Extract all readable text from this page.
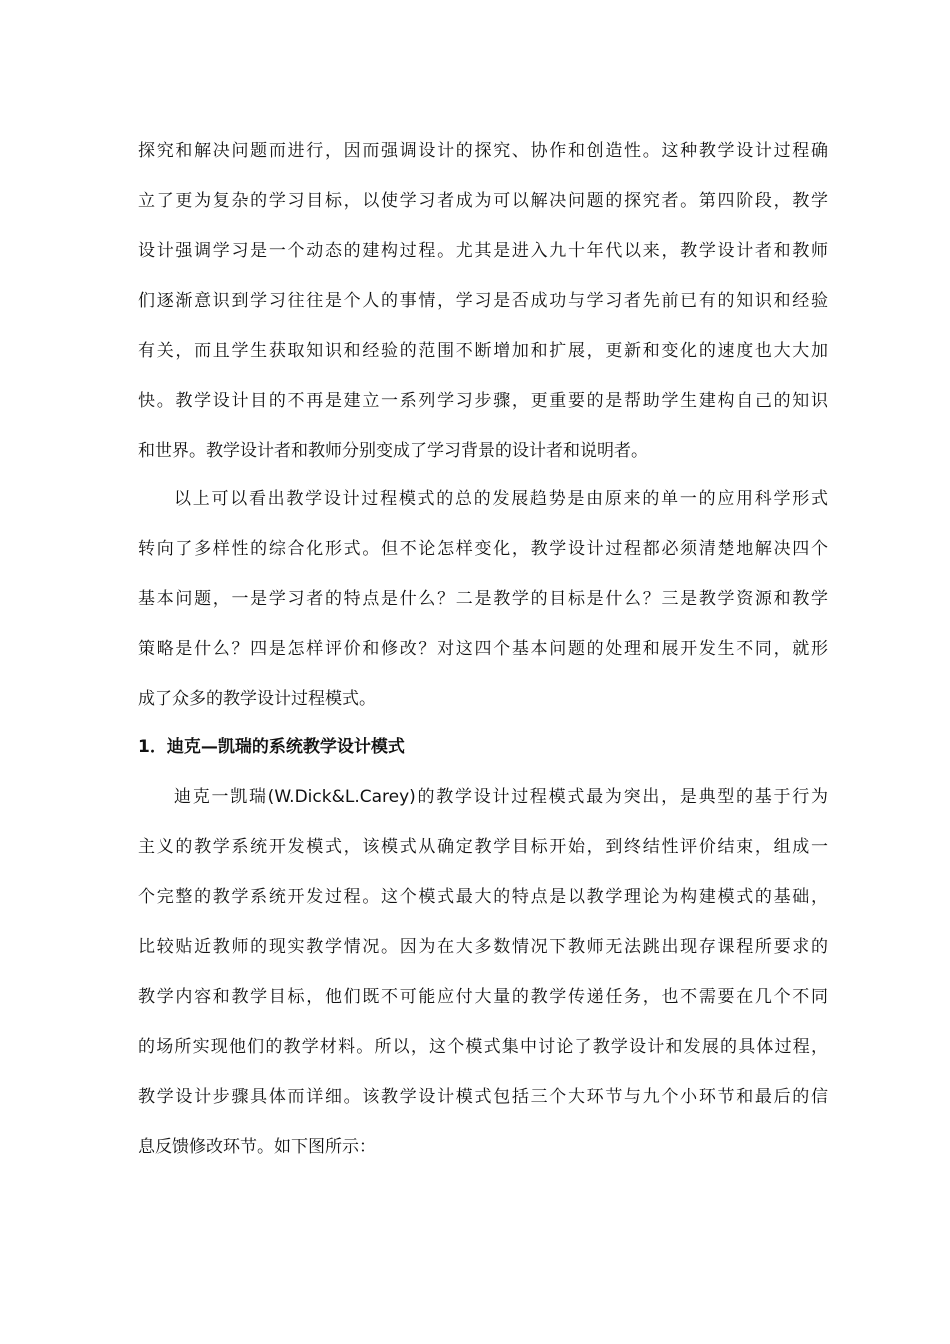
探究和解决问题而进行，因而强调设计的探究、协作和创造性。这种教学设计过程确
立了更为复杂的学习目标，以使学习者成为可以解决问题的探究者。第四阶段，教学
设计强调学习是一个动态的建构过程。尤其是进入九十年代以来，教学设计者和教师
们逐渐意识到学习往往是个人的事情，学习是否成功与学习者先前已有的知识和经验
有关，而且学生获取知识和经验的范围不断增加和扩展，更新和变化的速度也大大加
快。教学设计目的不再是建立一系列学习步骤，更重要的是帮助学生建构自己的知识
和世界。教学设计者和教师分别变成了学习背景的设计者和说明者。
以上可以看出教学设计过程模式的总的发展趋势是由原来的单一的应用科学形式
转向了多样性的综合化形式。但不论怎样变化，教学设计过程都必须清楚地解决四个
基本问题，一是学习者的特点是什么？二是教学的目标是什么？三是教学资源和教学
策略是什么？四是怎样评价和修改？对这四个基本问题的处理和展开发生不同，就形
成了众多的教学设计过程模式。
1．迪克—凯瑞的系统教学设计模式
迪克一凯瑞(W.Dick&L.Carey)的教学设计过程模式最为突出，是典型的基于行为
主义的教学系统开发模式，该模式从确定教学目标开始，到终结性评价结束，组成一
个完整的教学系统开发过程。这个模式最大的特点是以教学理论为构建模式的基础，
比较贴近教师的现实教学情况。因为在大多数情况下教师无法跳出现存课程所要求的
教学内容和教学目标，他们既不可能应付大量的教学传递任务，也不需要在几个不同
的场所实现他们的教学材料。所以，这个模式集中讨论了教学设计和发展的具体过程，
教学设计步骤具体而详细。该教学设计模式包括三个大环节与九个小环节和最后的信
息反馈修改环节。如下图所示：
